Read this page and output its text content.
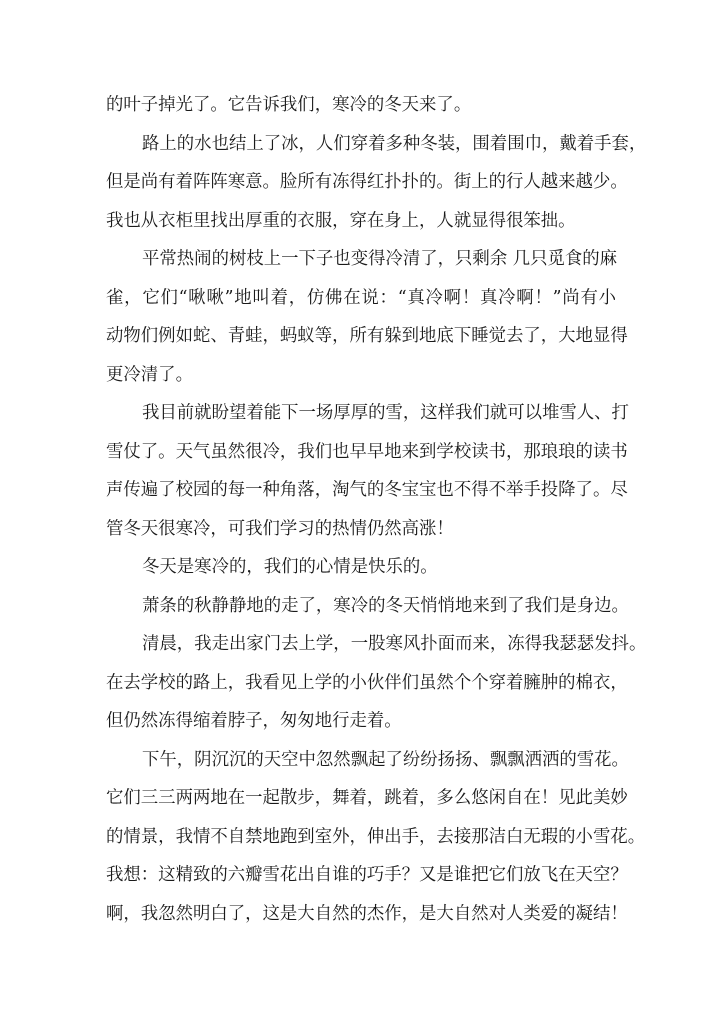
的叶子掉光了。它告诉我们，寒冷的冬天来了。
路上的水也结上了冰，人们穿着多种冬装，围着围巾，戴着手套，
但是尚有着阵阵寒意。脸所有冻得红扑扑的。街上的行人越来越少。
我也从衣柜里找出厚重的衣服，穿在身上，人就显得很笨拙。
平常热闹的树枝上一下子也变得冷清了，只剩余 几只觅食的麻
雀，它们“啾啾”地叫着，仿佛在说：“真冷啊！真冷啊！”尚有小
动物们例如蛇、青蛙，蚂蚁等，所有躲到地底下睡觉去了，大地显得
更冷清了。
我目前就盼望着能下一场厚厚的雪，这样我们就可以堆雪人、打
雪仗了。天气虽然很冷，我们也早早地来到学校读书，那琅琅的读书
声传遍了校园的每一种角落，淘气的冬宝宝也不得不举手投降了。尽
管冬天很寒冷，可我们学习的热情仍然高涨！
冬天是寒冷的，我们的心情是快乐的。
萧条的秋静静地的走了，寒冷的冬天悄悄地来到了我们是身边。
清晨，我走出家门去上学，一股寒风扑面而来，冻得我瑟瑟发抖。
在去学校的路上，我看见上学的小伙伴们虽然个个穿着臃肿的棉衣，
但仍然冻得缩着脖子，匆匆地行走着。
下午，阴沉沉的天空中忽然飘起了纷纷扬扬、飘飘洒洒的雪花。
它们三三两两地在一起散步，舞着，跳着，多么悠闲自在！见此美妙
的情景，我情不自禁地跑到室外，伸出手，去接那洁白无瑕的小雪花。
我想：这精致的六瓣雪花出自谁的巧手？又是谁把它们放飞在天空？
啊，我忽然明白了，这是大自然的杰作，是大自然对人类爱的凝结！
